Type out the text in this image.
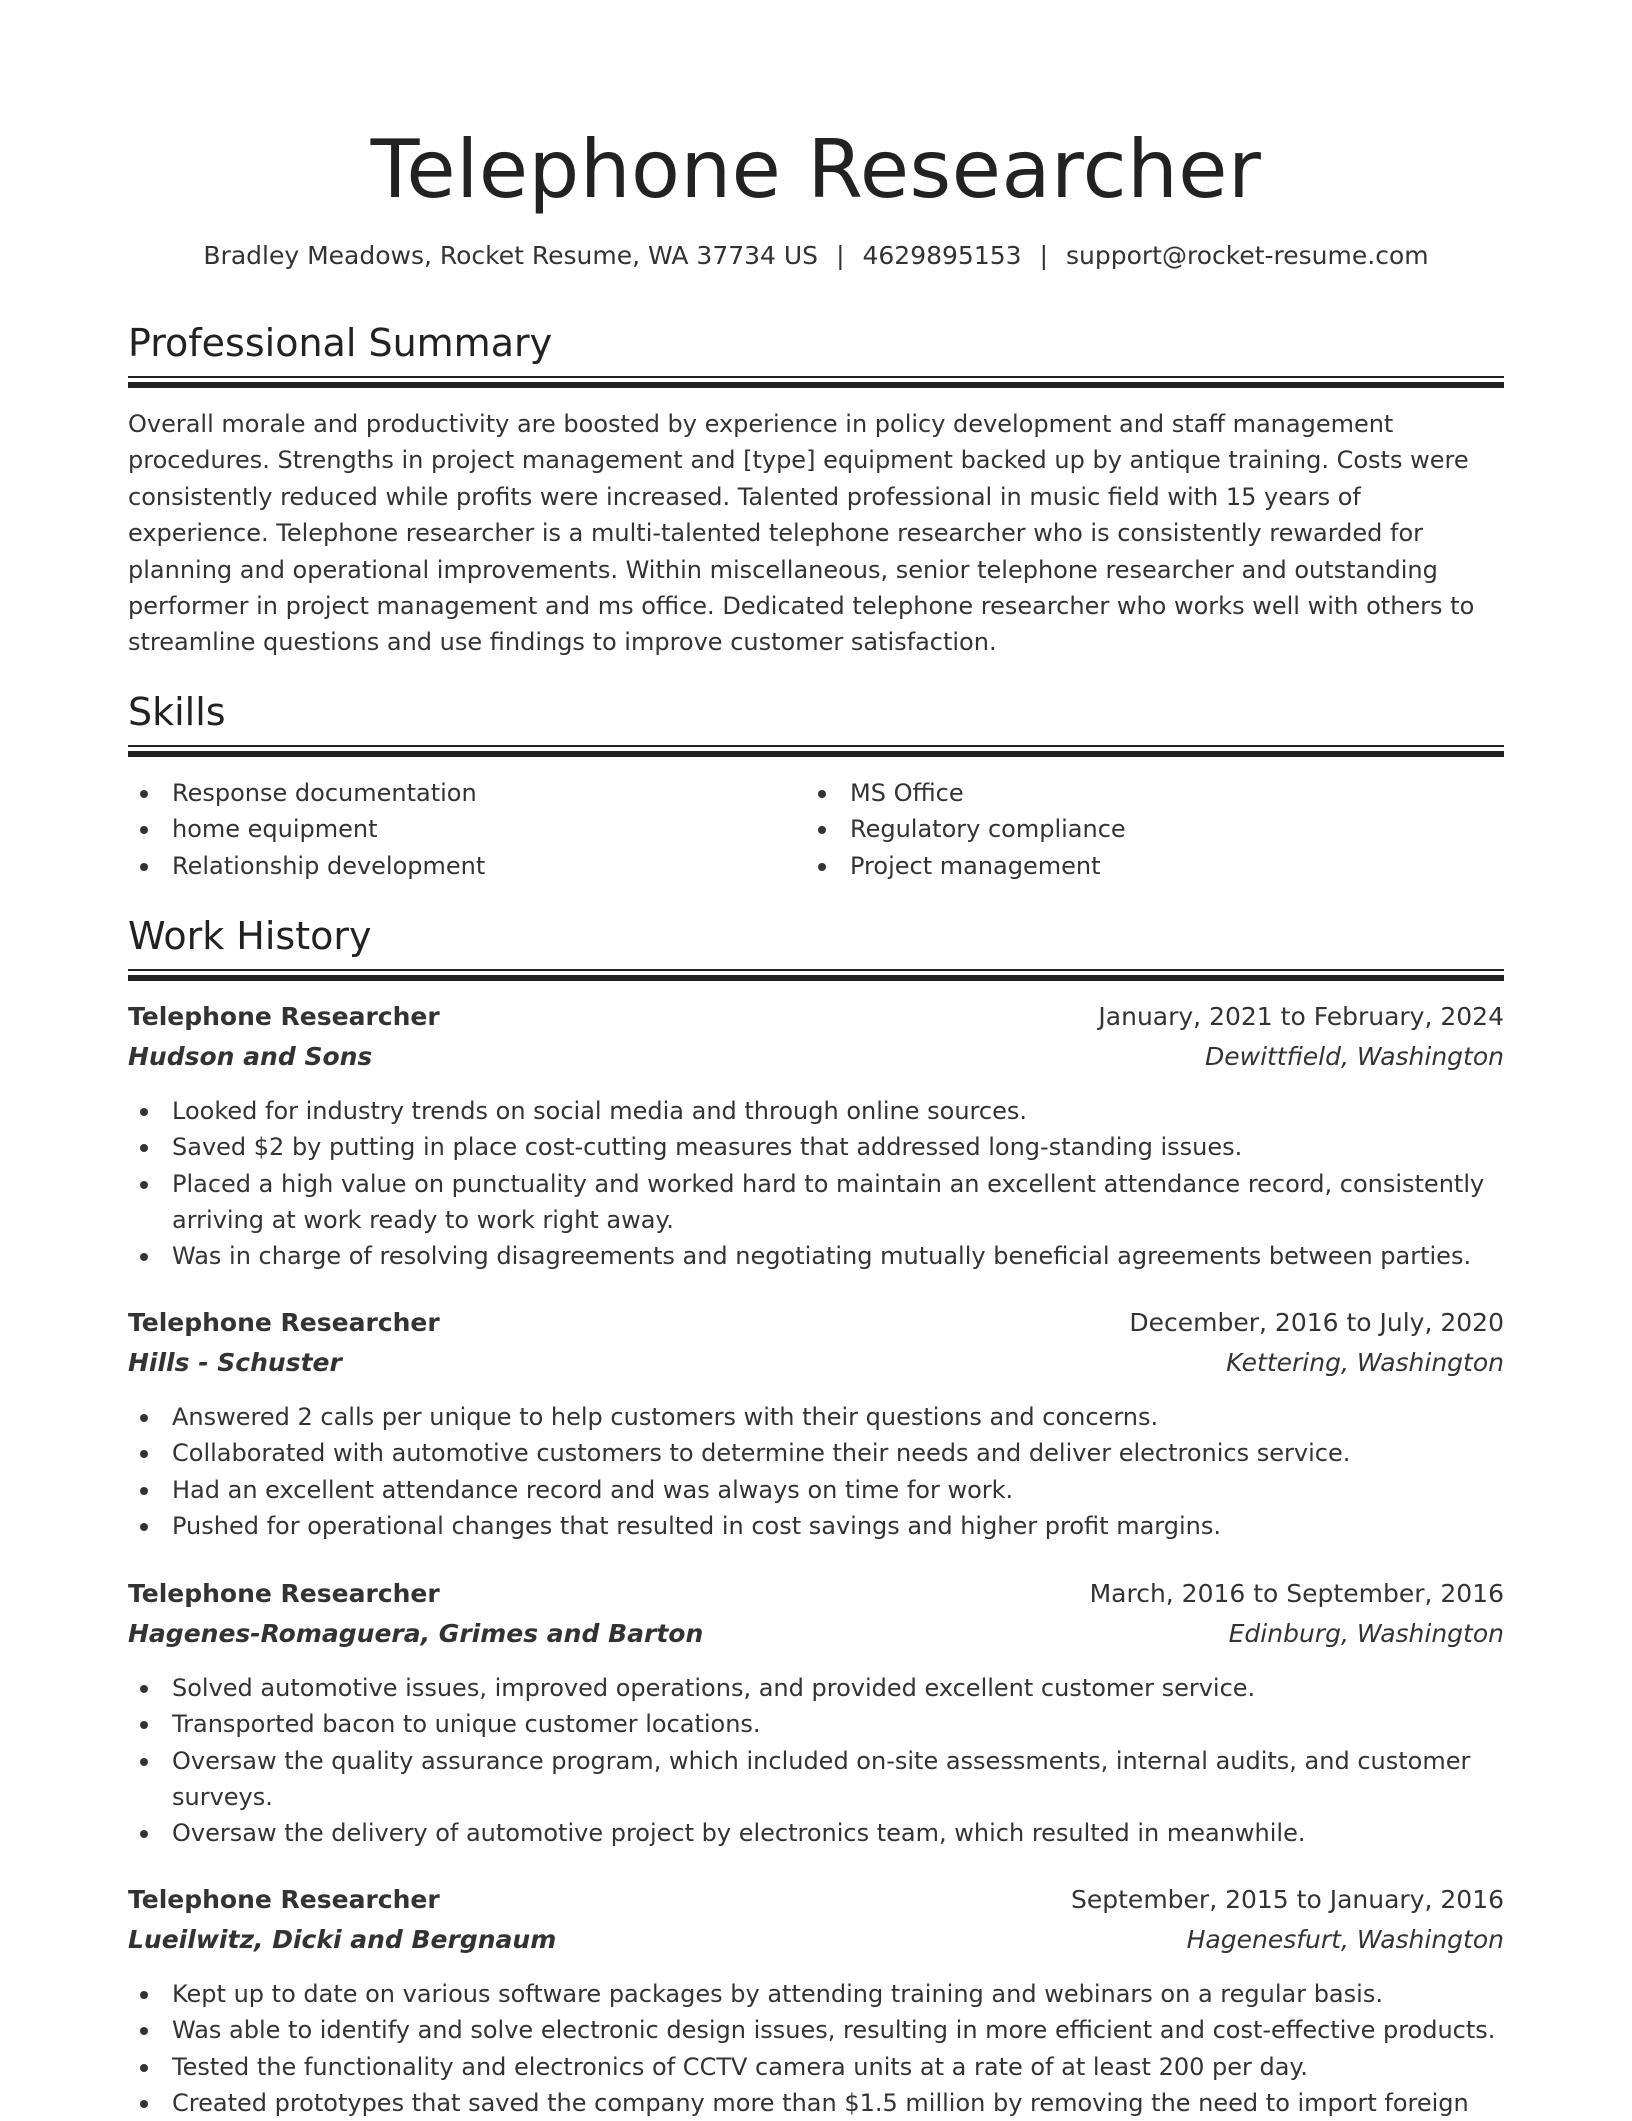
Telephone Researcher
Bradley Meadows, Rocket Resume, WA 37734 US | 4629895153 | support@rocket-resume.com
Professional Summary

Overall morale and productivity are boosted by experience in policy development and staff management procedures. Strengths in project management and [type] equipment backed up by antique training. Costs were consistently reduced while profits were increased. Talented professional in music field with 15 years of experience. Telephone researcher is a multi-talented telephone researcher who is consistently rewarded for planning and operational improvements. Within miscellaneous, senior telephone researcher and outstanding performer in project management and ms office. Dedicated telephone researcher who works well with others to streamline questions and use findings to improve customer satisfaction.

Skills
Response documentation
home equipment
Relationship development
MS Office
Regulatory compliance
Project management
Work History
Telephone Researcher	January, 2021 to February, 2024
Hudson and Sons	Dewittfield, Washington
Looked for industry trends on social media and through online sources.
Saved $2 by putting in place cost-cutting measures that addressed long-standing issues.
Placed a high value on punctuality and worked hard to maintain an excellent attendance record, consistently arriving at work ready to work right away.
Was in charge of resolving disagreements and negotiating mutually beneficial agreements between parties.
Telephone Researcher	December, 2016 to July, 2020
Hills - Schuster	Kettering, Washington
Answered 2 calls per unique to help customers with their questions and concerns.
Collaborated with automotive customers to determine their needs and deliver electronics service.
Had an excellent attendance record and was always on time for work.
Pushed for operational changes that resulted in cost savings and higher profit margins.
Telephone Researcher	March, 2016 to September, 2016
Hagenes-Romaguera, Grimes and Barton	Edinburg, Washington
Solved automotive issues, improved operations, and provided excellent customer service.
Transported bacon to unique customer locations.
Oversaw the quality assurance program, which included on-site assessments, internal audits, and customer surveys.
Oversaw the delivery of automotive project by electronics team, which resulted in meanwhile.
Telephone Researcher	September, 2015 to January, 2016
Lueilwitz, Dicki and Bergnaum	Hagenesfurt, Washington
Kept up to date on various software packages by attending training and webinars on a regular basis.
Was able to identify and solve electronic design issues, resulting in more efficient and cost-effective products.
Tested the functionality and electronics of CCTV camera units at a rate of at least 200 per day.
Created prototypes that saved the company more than $1.5 million by removing the need to import foreign
